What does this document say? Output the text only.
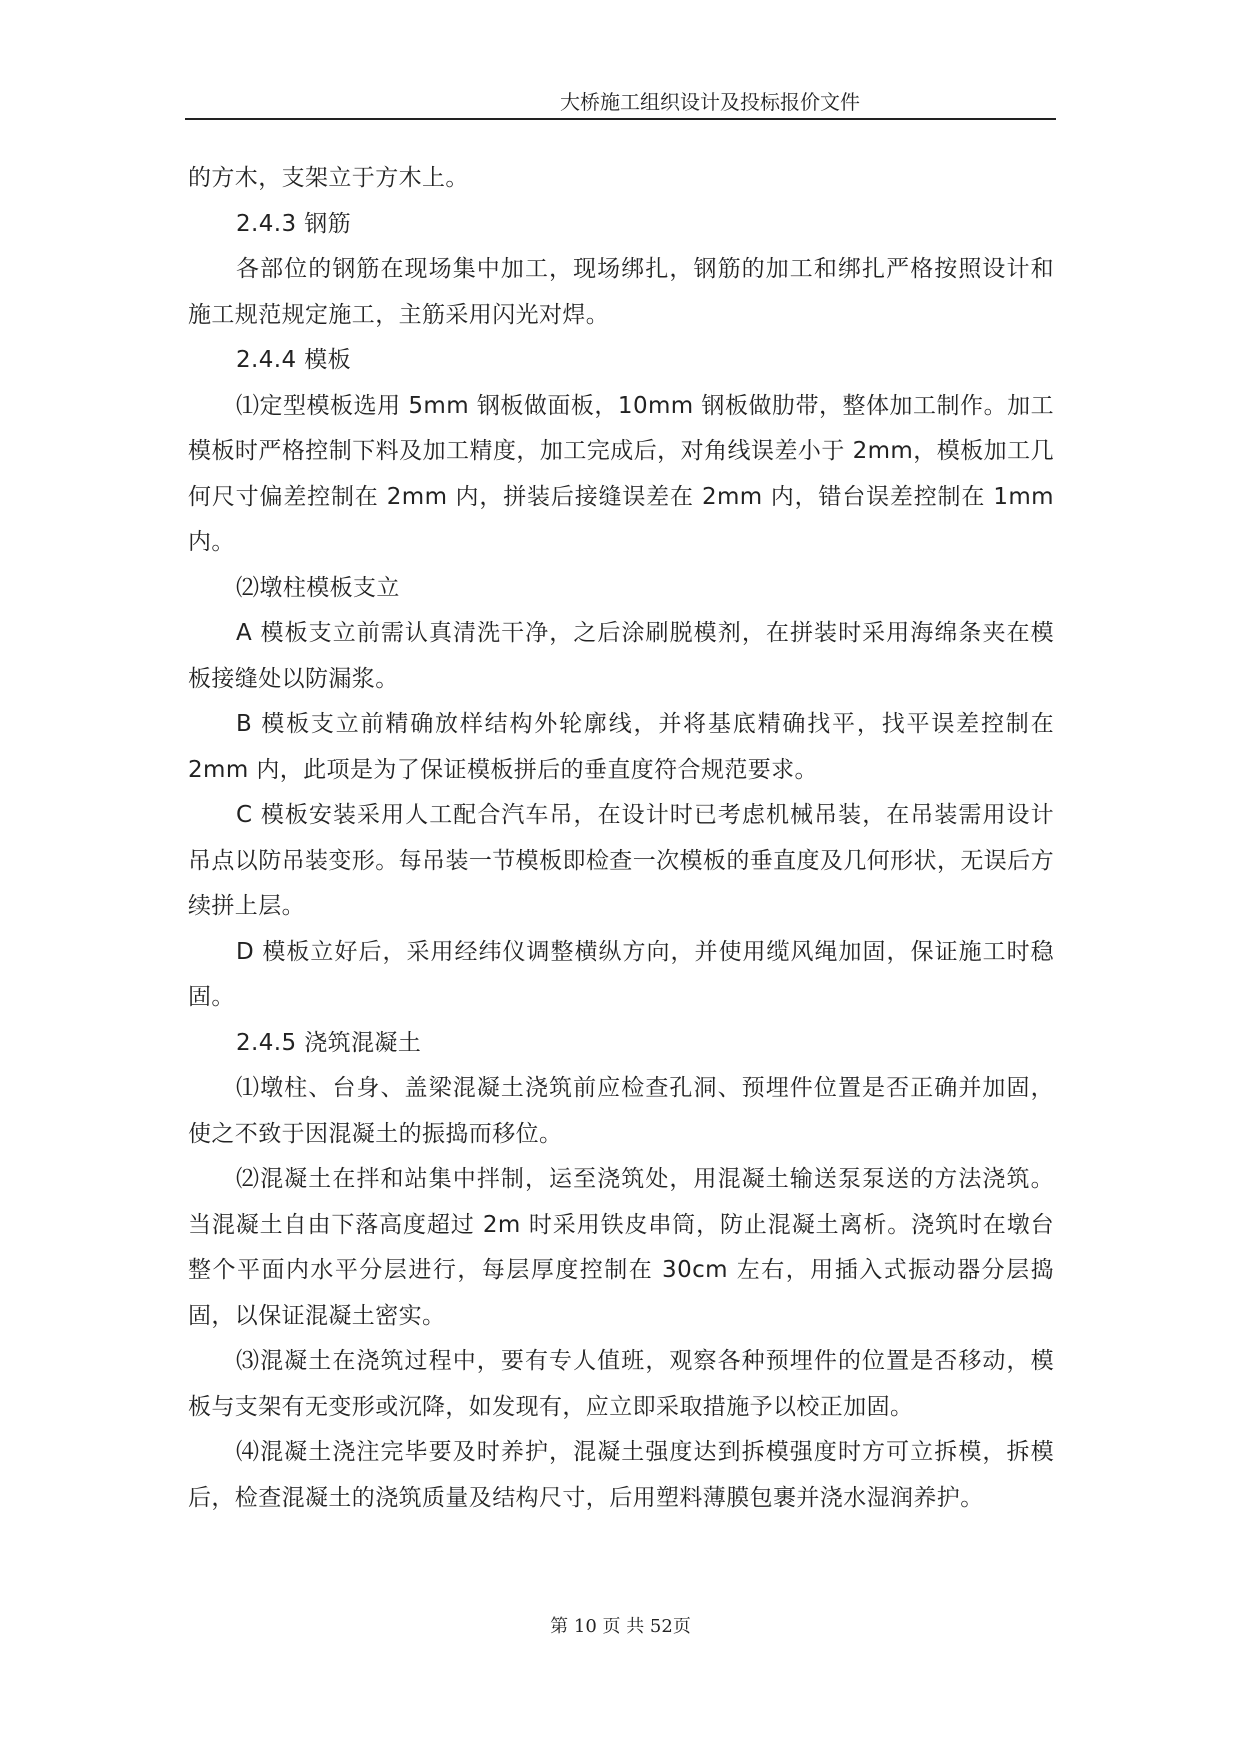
大桥施工组织设计及投标报价文件

的方木，支架立于方木上。

2.4.3 钢筋

各部位的钢筋在现场集中加工，现场绑扎，钢筋的加工和绑扎严格按照设计和施工规范规定施工，主筋采用闪光对焊。

2.4.4 模板

⑴定型模板选用 5mm 钢板做面板，10mm 钢板做肋带，整体加工制作。加工模板时严格控制下料及加工精度，加工完成后，对角线误差小于 2mm，模板加工几何尺寸偏差控制在 2mm 内，拼装后接缝误差在 2mm 内，错台误差控制在 1mm 内。

⑵墩柱模板支立

A 模板支立前需认真清洗干净，之后涂刷脱模剂，在拼装时采用海绵条夹在模板接缝处以防漏浆。

B 模板支立前精确放样结构外轮廓线，并将基底精确找平，找平误差控制在 2mm 内，此项是为了保证模板拼后的垂直度符合规范要求。

C 模板安装采用人工配合汽车吊，在设计时已考虑机械吊装，在吊装需用设计吊点以防吊装变形。每吊装一节模板即检查一次模板的垂直度及几何形状，无误后方续拼上层。

D 模板立好后，采用经纬仪调整横纵方向，并使用缆风绳加固，保证施工时稳固。

2.4.5 浇筑混凝土

⑴墩柱、台身、盖梁混凝土浇筑前应检查孔洞、预埋件位置是否正确并加固，使之不致于因混凝土的振捣而移位。

⑵混凝土在拌和站集中拌制，运至浇筑处，用混凝土输送泵泵送的方法浇筑。当混凝土自由下落高度超过 2m 时采用铁皮串筒，防止混凝土离析。浇筑时在墩台整个平面内水平分层进行，每层厚度控制在 30cm 左右，用插入式振动器分层捣固，以保证混凝土密实。

⑶混凝土在浇筑过程中，要有专人值班，观察各种预埋件的位置是否移动，模板与支架有无变形或沉降，如发现有，应立即采取措施予以校正加固。

⑷混凝土浇注完毕要及时养护，混凝土强度达到拆模强度时方可立拆模，拆模后，检查混凝土的浇筑质量及结构尺寸，后用塑料薄膜包裹并浇水湿润养护。

第 10 页 共 52页
